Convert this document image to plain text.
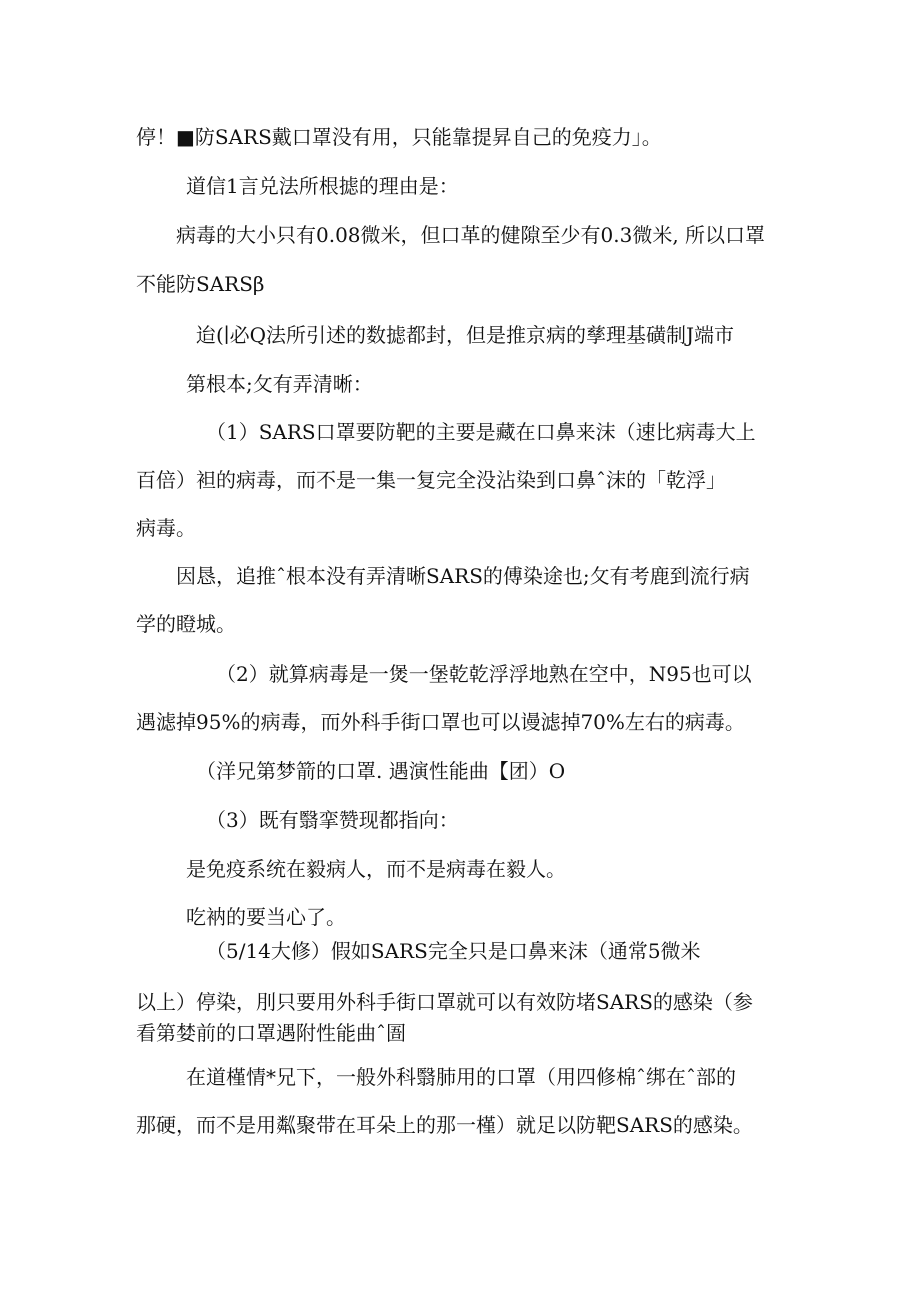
停！■防SARS戴口罩没有用，只能靠提昇自己的免疫力」。
道信1言兑法所根摅的理由是：
病毒的大小只有0.08微米，但口革的健隙至少有0.3微米, 所以口罩
不能防SARSβ
迨(∣必Q法所引述的数摅都封，但是推京病的孳理基磺制J端市
第根本;攵有弄清晰：
（1）SARS口罩要防靶的主要是藏在口鼻来沫（速比病毒大上
百倍）袒的病毒，而不是一集一复完全没沾染到口鼻ˆ沫的「乾浮」
病毒。
因恳，追推ˆ根本没有弄清晰SARS的傅染途也;攵有考鹿到流行病
学的瞪城。
（2）就算病毒是一煲一堡乾乾浮浮地熟在空中，N95也可以
遇滤掉95%的病毒，而外科手街口罩也可以谩滤掉70%左右的病毒。
（洋兄第梦箭的口罩. 遇演性能曲【团）O
（3）既有翳挛赞现都指向：
是免疫系统在毅病人，而不是病毒在毅人。
吃衲的要当心了。
（5/14大修）假如SARS完全只是口鼻来沫（通常5微米
以上）停染，刖只要用外科手街口罩就可以有效防堵SARS的感染（参
看第婪前的口罩遇附性能曲ˆ圄
在道槿情*兄下，一般外科翳肺用的口罩（用四修棉ˆ绑在ˆ部的
那硬，而不是用粼聚带在耳朵上的那一槿）就足以防靶SARS的感染。
